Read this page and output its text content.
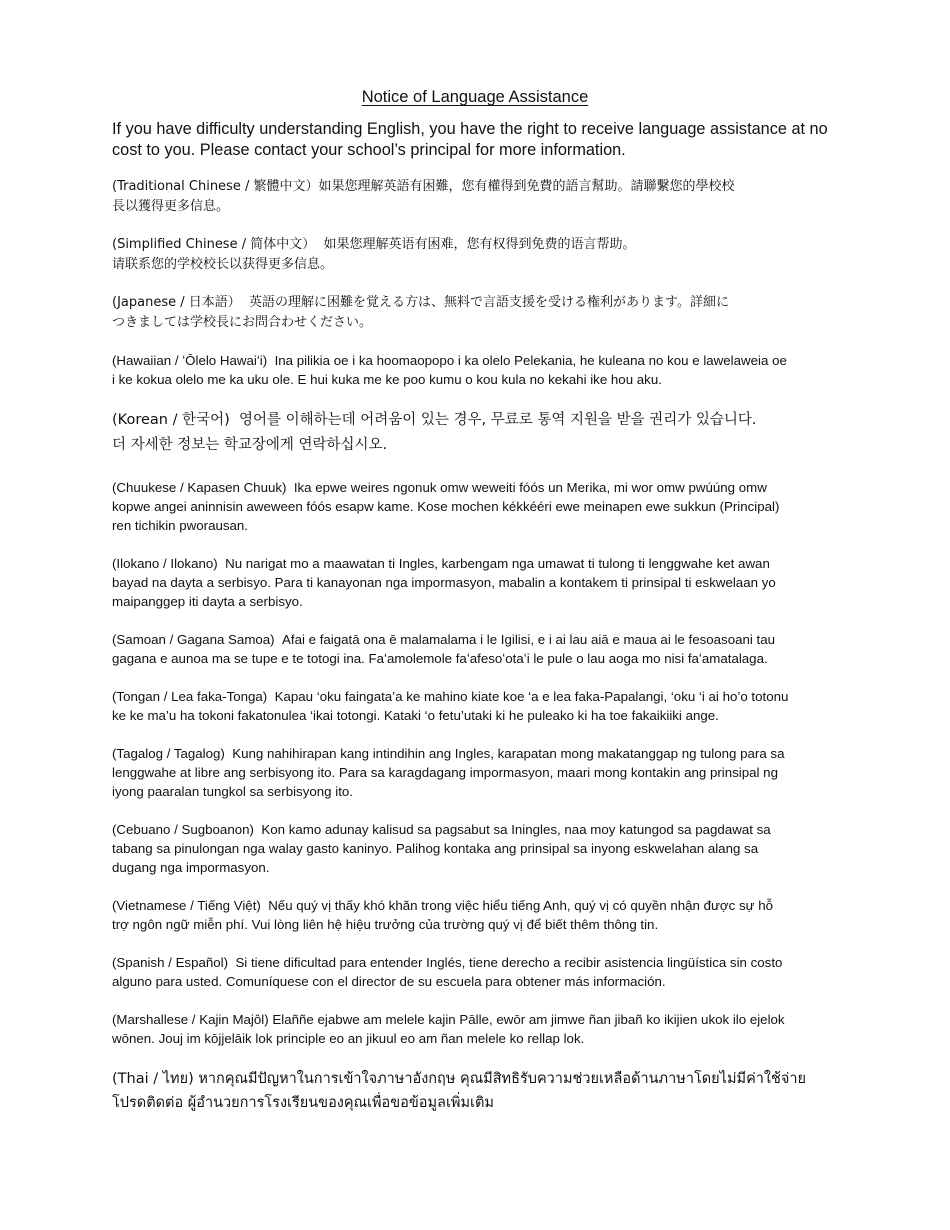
Notice of Language Assistance

If you have difficulty understanding English, you have the right to receive language assistance at no cost to you. Please contact your school’s principal for more information.

(Traditional Chinese / 繁體中文）如果您理解英語有困難，您有權得到免費的語言幫助。請聯繫您的學校校
長以獲得更多信息。

(Simplified Chinese / 简体中文） 如果您理解英语有困难，您有权得到免费的语言帮助。
请联系您的学校校长以获得更多信息。

(Japanese / 日本語） 英語の理解に困難を覚える方は、無料で言語支援を受ける権利があります。詳細に
つきましては学校長にお問合わせください。

(Hawaiian / ʻŌlelo Hawaiʻi) Ina pilikia oe i ka hoomaopopo i ka olelo Pelekania, he kuleana no kou e lawelaweia oe
i ke kokua olelo me ka uku ole. E hui kuka me ke poo kumu o kou kula no kekahi ike hou aku.

(Korean / 한국어) 영어를 이해하는데 어려움이 있는 경우, 무료로 통역 지원을 받을 권리가 있습니다.
더 자세한 정보는 학교장에게 연락하십시오.

(Chuukese / Kapasen Chuuk) Ika epwe weires ngonuk omw weweiti fóós un Merika, mi wor omw pwúúng omw
kopwe angei aninnisin aweween fóós esapw kame. Kose mochen kékkééri ewe meinapen ewe sukkun (Principal)
ren tichikin pworausan.

(Ilokano / Ilokano) Nu narigat mo a maawatan ti Ingles, karbengam nga umawat ti tulong ti lenggwahe ket awan
bayad na dayta a serbisyo. Para ti kanayonan nga impormasyon, mabalin a kontakem ti prinsipal ti eskwelaan yo
maipanggep iti dayta a serbisyo.

(Samoan / Gagana Samoa) Afai e faigatā ona ē malamalama i le Igilisi, e i ai lau aiā e maua ai le fesoasoani tau
gagana e aunoa ma se tupe e te totogi ina. Faʻamolemole faʻafesoʻotaʻi le pule o lau aoga mo nisi faʻamatalaga.

(Tongan / Lea faka-Tonga) Kapau ‘oku faingata’a ke mahino kiate koe ‘a e lea faka-Papalangi, ‘oku ‘i ai ho’o totonu
ke ke ma’u ha tokoni fakatonulea ‘ikai totongi. Kataki ‘o fetu’utaki ki he puleako ki ha toe fakaikiiki ange.

(Tagalog / Tagalog) Kung nahihirapan kang intindihin ang Ingles, karapatan mong makatanggap ng tulong para sa
lenggwahe at libre ang serbisyong ito. Para sa karagdagang impormasyon, maari mong kontakin ang prinsipal ng
iyong paaralan tungkol sa serbisyong ito.

(Cebuano / Sugboanon) Kon kamo adunay kalisud sa pagsabut sa Iningles, naa moy katungod sa pagdawat sa
tabang sa pinulongan nga walay gasto kaninyo. Palihog kontaka ang prinsipal sa inyong eskwelahan alang sa
dugang nga impormasyon.

(Vietnamese / Tiếng Việt) Nếu quý vị thấy khó khăn trong việc hiểu tiếng Anh, quý vị có quyền nhận được sự hỗ
trợ ngôn ngữ miễn phí. Vui lòng liên hệ hiệu trưởng của trường quý vị để biết thêm thông tin.

(Spanish / Español) Si tiene dificultad para entender Inglés, tiene derecho a recibir asistencia lingüística sin costo
alguno para usted. Comuníquese con el director de su escuela para obtener más información.

(Marshallese / Kajin Majôl) Elaññe ejabwe am melele kajin Pālle, ewōr am jimwe ñan jibañ ko ikijien ukok ilo ejelok
wōnen. Jouj im kōjjelāik lok principle eo an jikuul eo am ñan melele ko rellap lok.

(Thai / ไทย) หากคุณมีปัญหาในการเข้าใจภาษาอังกฤษ คุณมีสิทธิรับความช่วยเหลือด้านภาษาโดยไม่มีค่าใช้จ่าย
โปรดติดต่อ ผู้อำนวยการโรงเรียนของคุณเพื่อขอข้อมูลเพิ่มเติม
